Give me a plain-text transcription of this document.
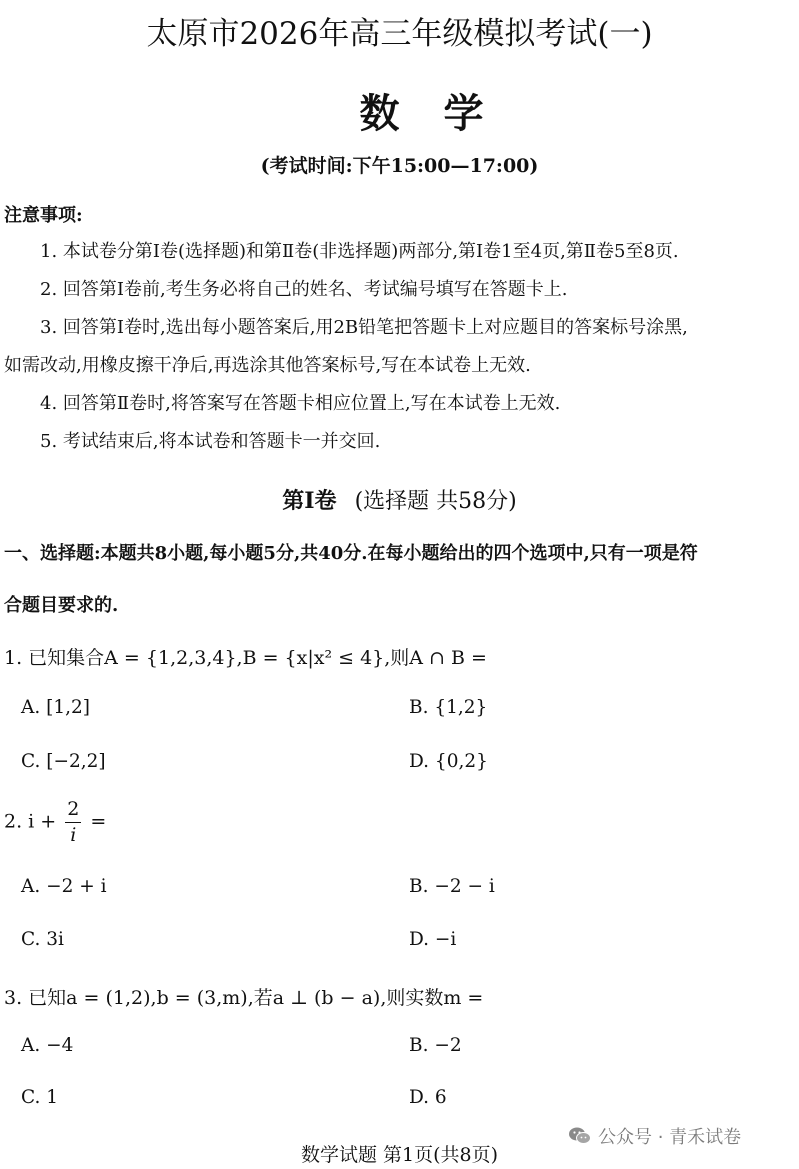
太原市2026年高三年级模拟考试(一)
数学
(考试时间:下午15:00—17:00)
注意事项:
1. 本试卷分第Ⅰ卷(选择题)和第Ⅱ卷(非选择题)两部分,第Ⅰ卷1至4页,第Ⅱ卷5至8页.
2. 回答第Ⅰ卷前,考生务必将自己的姓名、考试编号填写在答题卡上.
3. 回答第Ⅰ卷时,选出每小题答案后,用2B铅笔把答题卡上对应题目的答案标号涂黑,
如需改动,用橡皮擦干净后,再选涂其他答案标号,写在本试卷上无效.
4. 回答第Ⅱ卷时,将答案写在答题卡相应位置上,写在本试卷上无效.
5. 考试结束后,将本试卷和答题卡一并交回.
第Ⅰ卷 (选择题 共58分)
一、选择题:本题共8小题,每小题5分,共40分.在每小题给出的四个选项中,只有一项是符
合题目要求的.
1. 已知集合A = {1,2,3,4},B = {x|x² ≤ 4},则A ∩ B =
A. [1,2]	B. {1,2}
C. [−2,2]	D. {0,2}
2. $i + \frac{2}{i}$ =
A. −2 + i	B. −2 − i
C. 3i	D. −i
3. 已知a = (1,2),b = (3,m),若a ⊥ (b − a),则实数m =
A. −4	B. −2
C. 1	D. 6
公众号 · 青禾试卷
数学试题 第1页(共8页)
